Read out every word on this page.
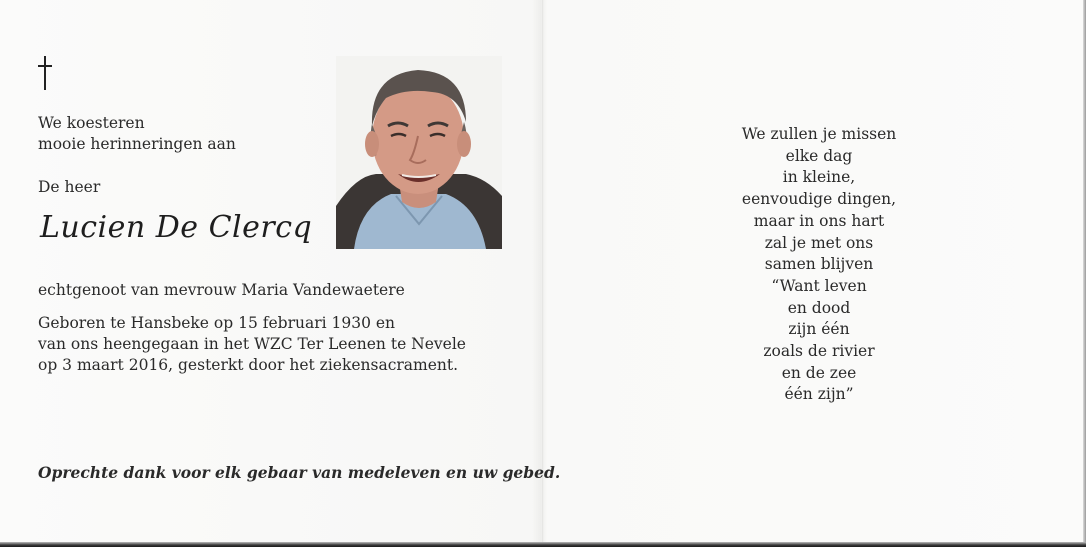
We koesteren
mooie herinneringen aan
De heer
Lucien De Clercq
echtgenoot van mevrouw Maria Vandewaetere
Geboren te Hansbeke op 15 februari 1930 en
van ons heengegaan in het WZC Ter Leenen te Nevele
op 3 maart 2016, gesterkt door het ziekensacrament.
Oprechte dank voor elk gebaar van medeleven en uw gebed.
We zullen je missen
elke dag
in kleine,
eenvoudige dingen,
maar in ons hart
zal je met ons
samen blijven
“Want leven
en dood
zijn één
zoals de rivier
en de zee
één zijn”
